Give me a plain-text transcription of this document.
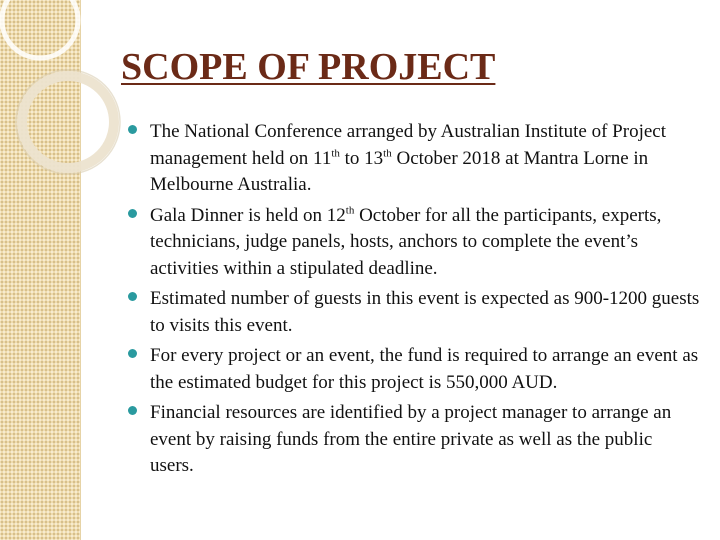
SCOPE OF PROJECT
The National Conference arranged by Australian Institute of Project management held on 11th to 13th October 2018 at Mantra Lorne in Melbourne Australia.
Gala Dinner is held on 12th October for all the participants, experts, technicians, judge panels, hosts, anchors to complete the event’s activities within a stipulated deadline.
Estimated number of guests in this event is expected as 900-1200 guests to visits this event.
For every project or an event, the fund is required to arrange an event as the estimated budget for this project is 550,000 AUD.
Financial resources are identified by a project manager to arrange an event by raising funds from the entire private as well as the public users.
